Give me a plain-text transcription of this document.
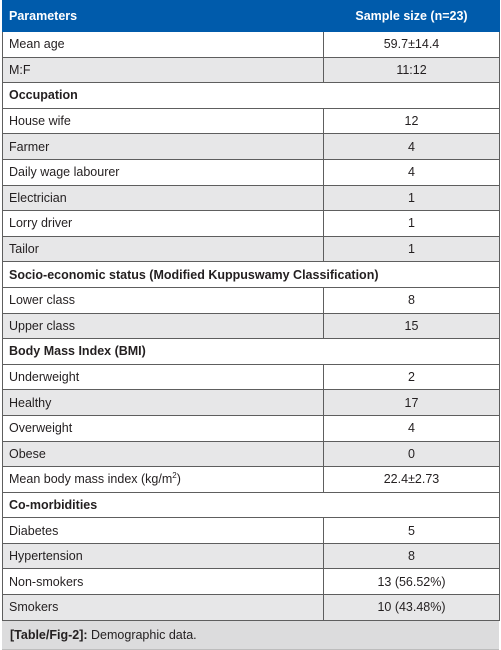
Parameters	Sample size (n=23)
Mean age	59.7±14.4
M:F	11:12
Occupation	
House wife	12
Farmer	4
Daily wage labourer	4
Electrician	1
Lorry driver	1
Tailor	1
Socio-economic status (Modified Kuppuswamy Classification)	
Lower class	8
Upper class	15
Body Mass Index (BMI)	
Underweight	2
Healthy	17
Overweight	4
Obese	0
Mean body mass index $(kg/m^2)$	22.4±2.73
Co-morbidities	
Diabetes	5
Hypertension	8
Non-smokers	13 (56.52%)
Smokers	10 (43.48%)
[Table/Fig-2]: Demographic data.
